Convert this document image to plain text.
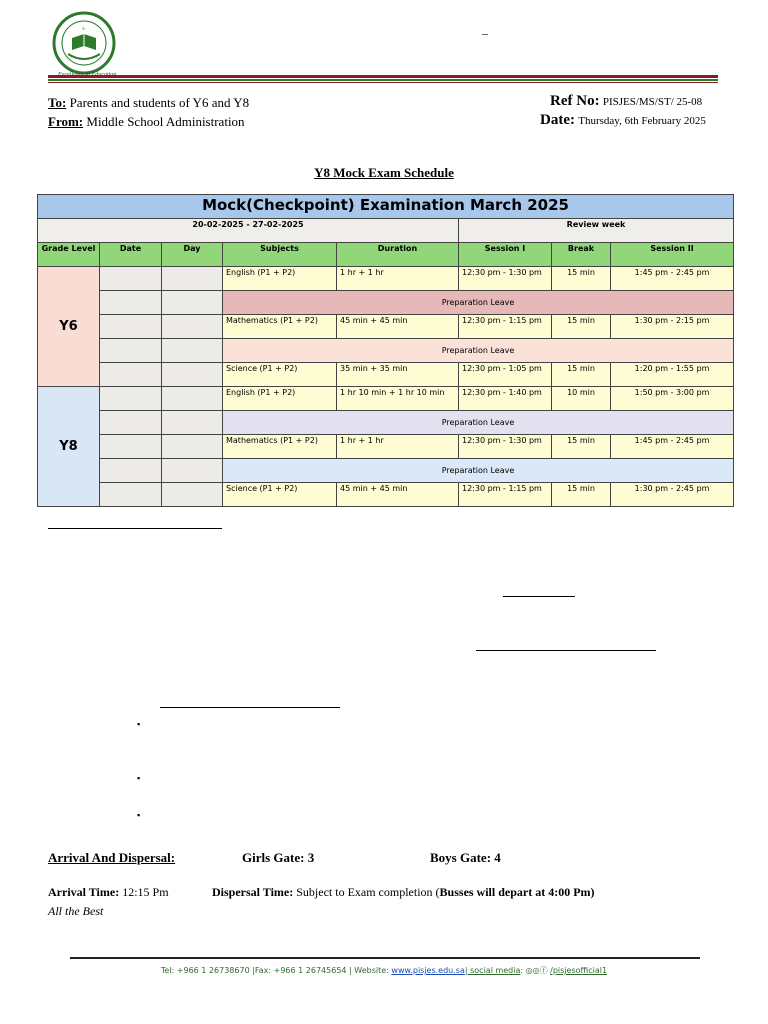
☪	–
To: Parents and students of Y6 and Y8
From: Middle School Administration
Ref No: PISJES/MS/ST/ 25-08
Date: Thursday, 6th February 2025
Y8 Mock Exam Schedule
Mock(Checkpoint) Examination March 2025							
20-02-2025 - 27-02-2025					Review week		
Grade Level	Date	Day	Subjects	Duration	Session I	Break	Session II
Y6			English (P1 + P2)	1 hr + 1 hr	12:30 pm - 1:30 pm	15 min	1:45 pm - 2:45 pm
			Preparation Leave				
			Mathematics (P1 + P2)	45 min + 45 min	12:30 pm - 1:15 pm	15 min	1:30 pm - 2:15 pm
			Preparation Leave				
			Science (P1 + P2)	35 min + 35 min	12:30 pm - 1:05 pm	15 min	1:20 pm - 1:55 pm
Y8			English (P1 + P2)	1 hr 10 min + 1 hr 10 min	12:30 pm - 1:40 pm	10 min	1:50 pm - 3:00 pm
			Preparation Leave				
			Mathematics (P1 + P2)	1 hr + 1 hr	12:30 pm - 1:30 pm	15 min	1:45 pm - 2:45 pm
			Preparation Leave				
			Science (P1 + P2)	45 min + 45 min	12:30 pm - 1:15 pm	15 min	1:30 pm - 2:45 pm
▪
▪
▪
Arrival And Dispersal:	Girls Gate: 3	Boys Gate: 4
Arrival Time: 12:15 Pm	Dispersal Time: Subject to Exam completion (Busses will depart at 4:00 Pm)
All the Best
Tel: +966 1 26738670 |Fax: +966 1 26745654 | Website: www.pisjes.edu.sa| social media: ◎◎ⓕ /pisjesofficial1
